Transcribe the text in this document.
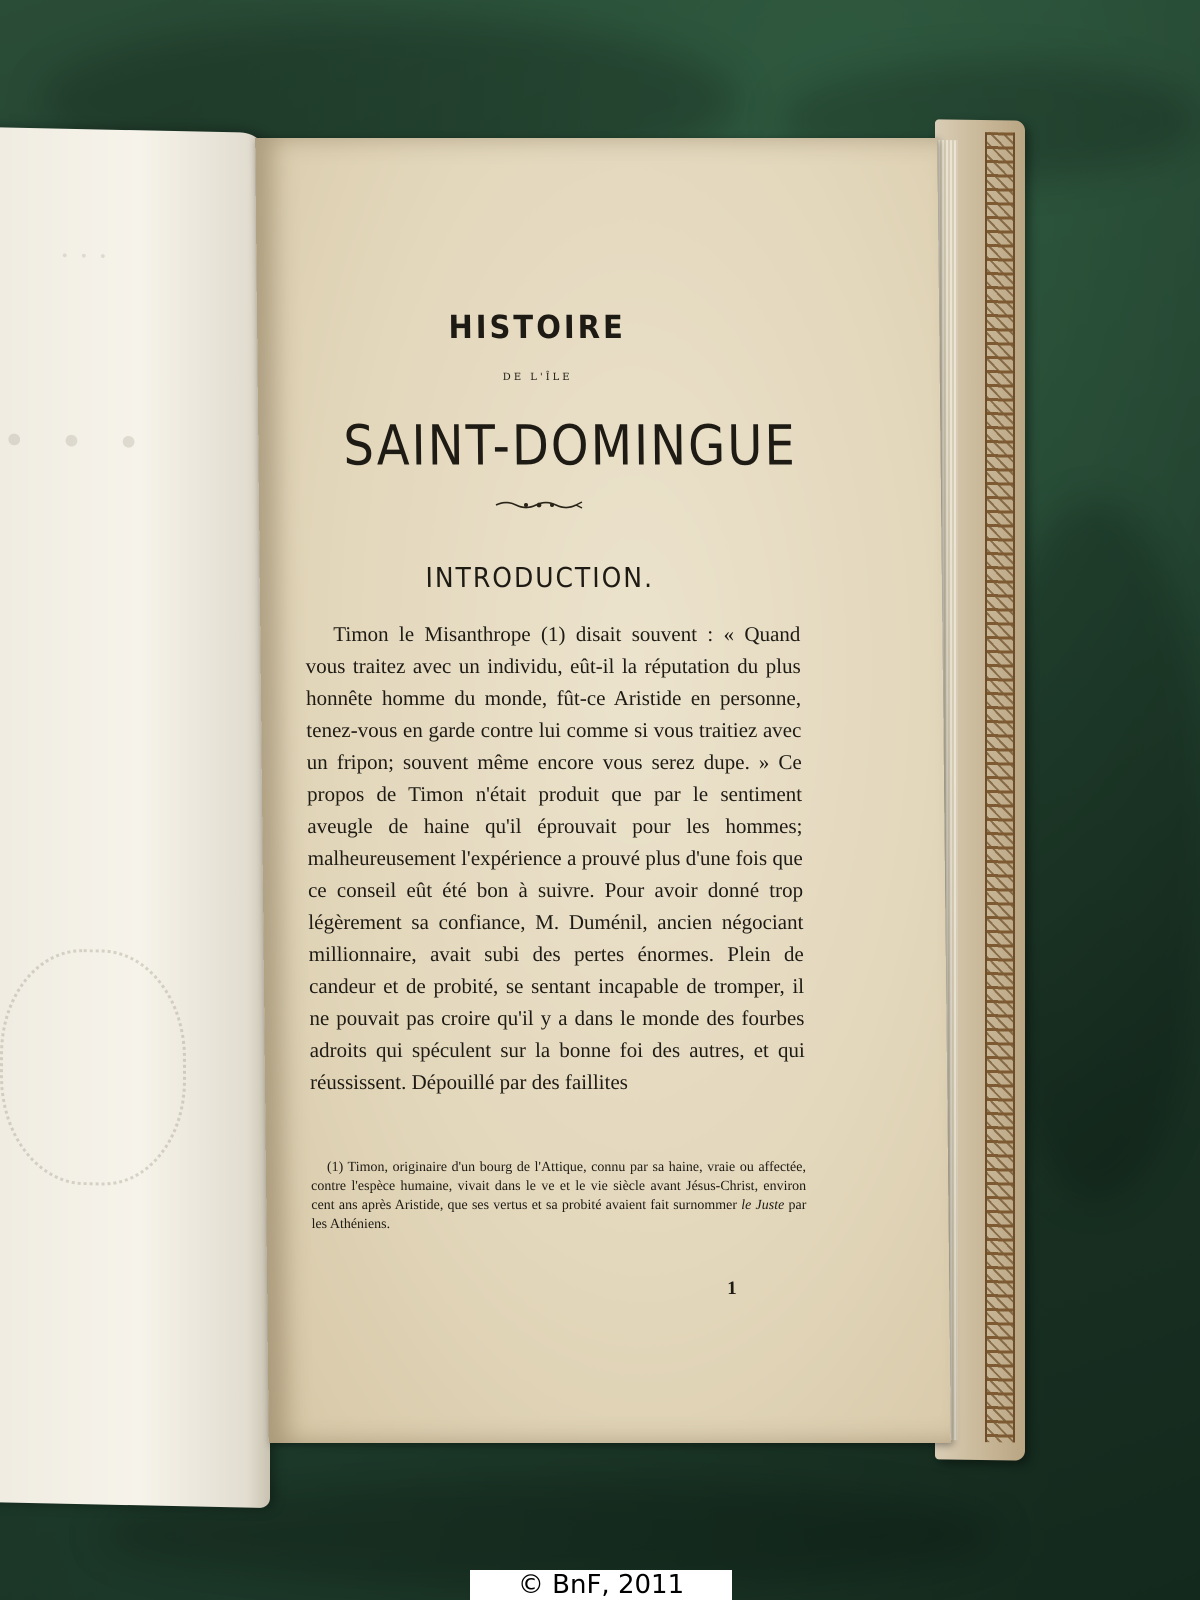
· · ·
· · ·
HISTOIRE
DE L'ÎLE
SAINT-DOMINGUE
INTRODUCTION.
Timon le Misanthrope (1) disait souvent : « Quand vous traitez avec un individu, eût-il la réputation du plus honnête homme du monde, fût-ce Aristide en personne, tenez-vous en garde contre lui comme si vous traitiez avec un fripon; souvent même encore vous serez dupe. » Ce propos de Timon n'était produit que par le sentiment aveugle de haine qu'il éprouvait pour les hommes; malheureusement l'expérience a prouvé plus d'une fois que ce conseil eût été bon à suivre. Pour avoir donné trop légèrement sa confiance, M. Duménil, ancien négociant millionnaire, avait subi des pertes énormes. Plein de candeur et de probité, se sentant incapable de tromper, il ne pouvait pas croire qu'il y a dans le monde des fourbes adroits qui spéculent sur la bonne foi des autres, et qui réussissent. Dépouillé par des faillites
(1) Timon, originaire d'un bourg de l'Attique, connu par sa haine, vraie ou affectée, contre l'espèce humaine, vivait dans le ve et le vie siècle avant Jésus-Christ, environ cent ans après Aristide, que ses vertus et sa probité avaient fait surnommer le Juste par les Athéniens.
1
© BnF, 2011
